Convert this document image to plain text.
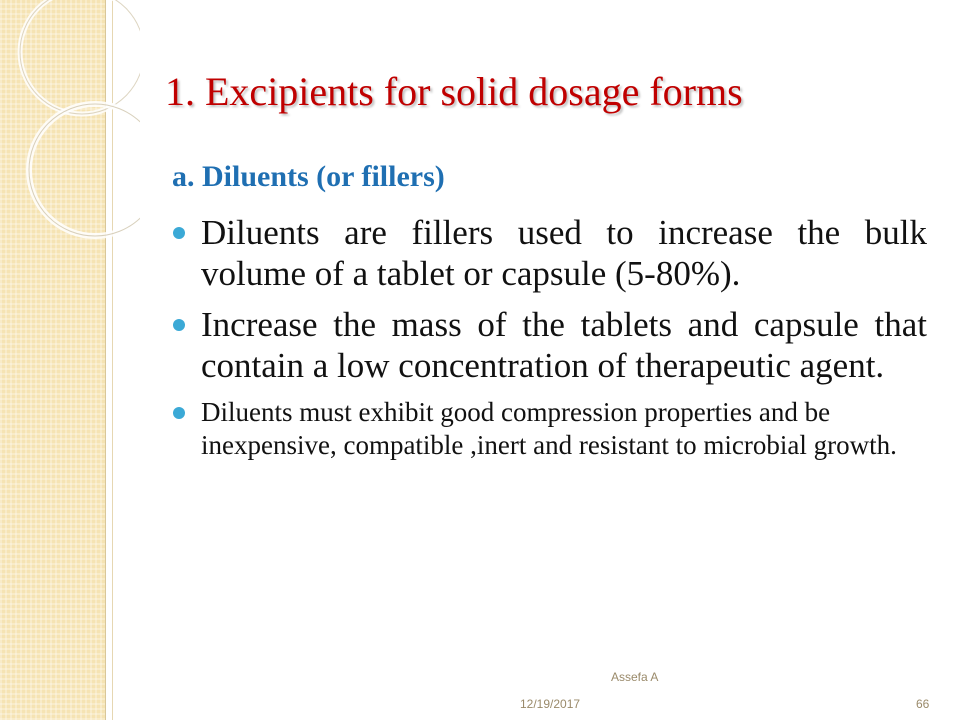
1. Excipients for solid dosage forms
a. Diluents (or fillers)
Diluents are fillers used to increase the bulk volume of a tablet or capsule (5-80%).
Increase the mass of the tablets and capsule that contain a low concentration of therapeutic agent.
Diluents must exhibit good compression properties and be inexpensive, compatible ,inert and resistant to microbial growth.
Assefa A
12/19/2017	66
